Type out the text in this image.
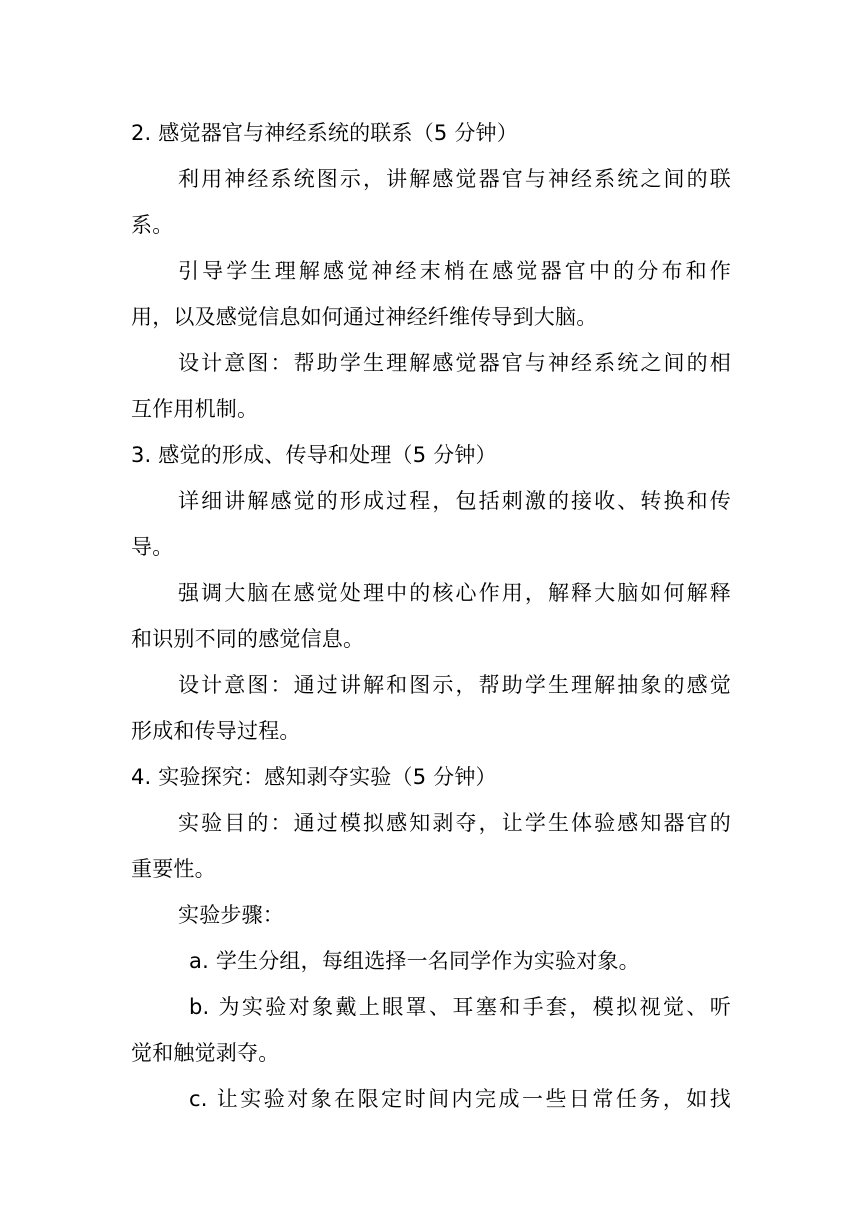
2. 感觉器官与神经系统的联系（5 分钟）
利用神经系统图示，讲解感觉器官与神经系统之间的联
系。
引导学生理解感觉神经末梢在感觉器官中的分布和作
用，以及感觉信息如何通过神经纤维传导到大脑。
设计意图：帮助学生理解感觉器官与神经系统之间的相
互作用机制。
3. 感觉的形成、传导和处理（5 分钟）
详细讲解感觉的形成过程，包括刺激的接收、转换和传
导。
强调大脑在感觉处理中的核心作用，解释大脑如何解释
和识别不同的感觉信息。
设计意图：通过讲解和图示，帮助学生理解抽象的感觉
形成和传导过程。
4. 实验探究：感知剥夺实验（5 分钟）
实验目的：通过模拟感知剥夺，让学生体验感知器官的
重要性。
实验步骤：
a. 学生分组，每组选择一名同学作为实验对象。
b. 为实验对象戴上眼罩、耳塞和手套，模拟视觉、听
觉和触觉剥夺。
c. 让实验对象在限定时间内完成一些日常任务，如找
